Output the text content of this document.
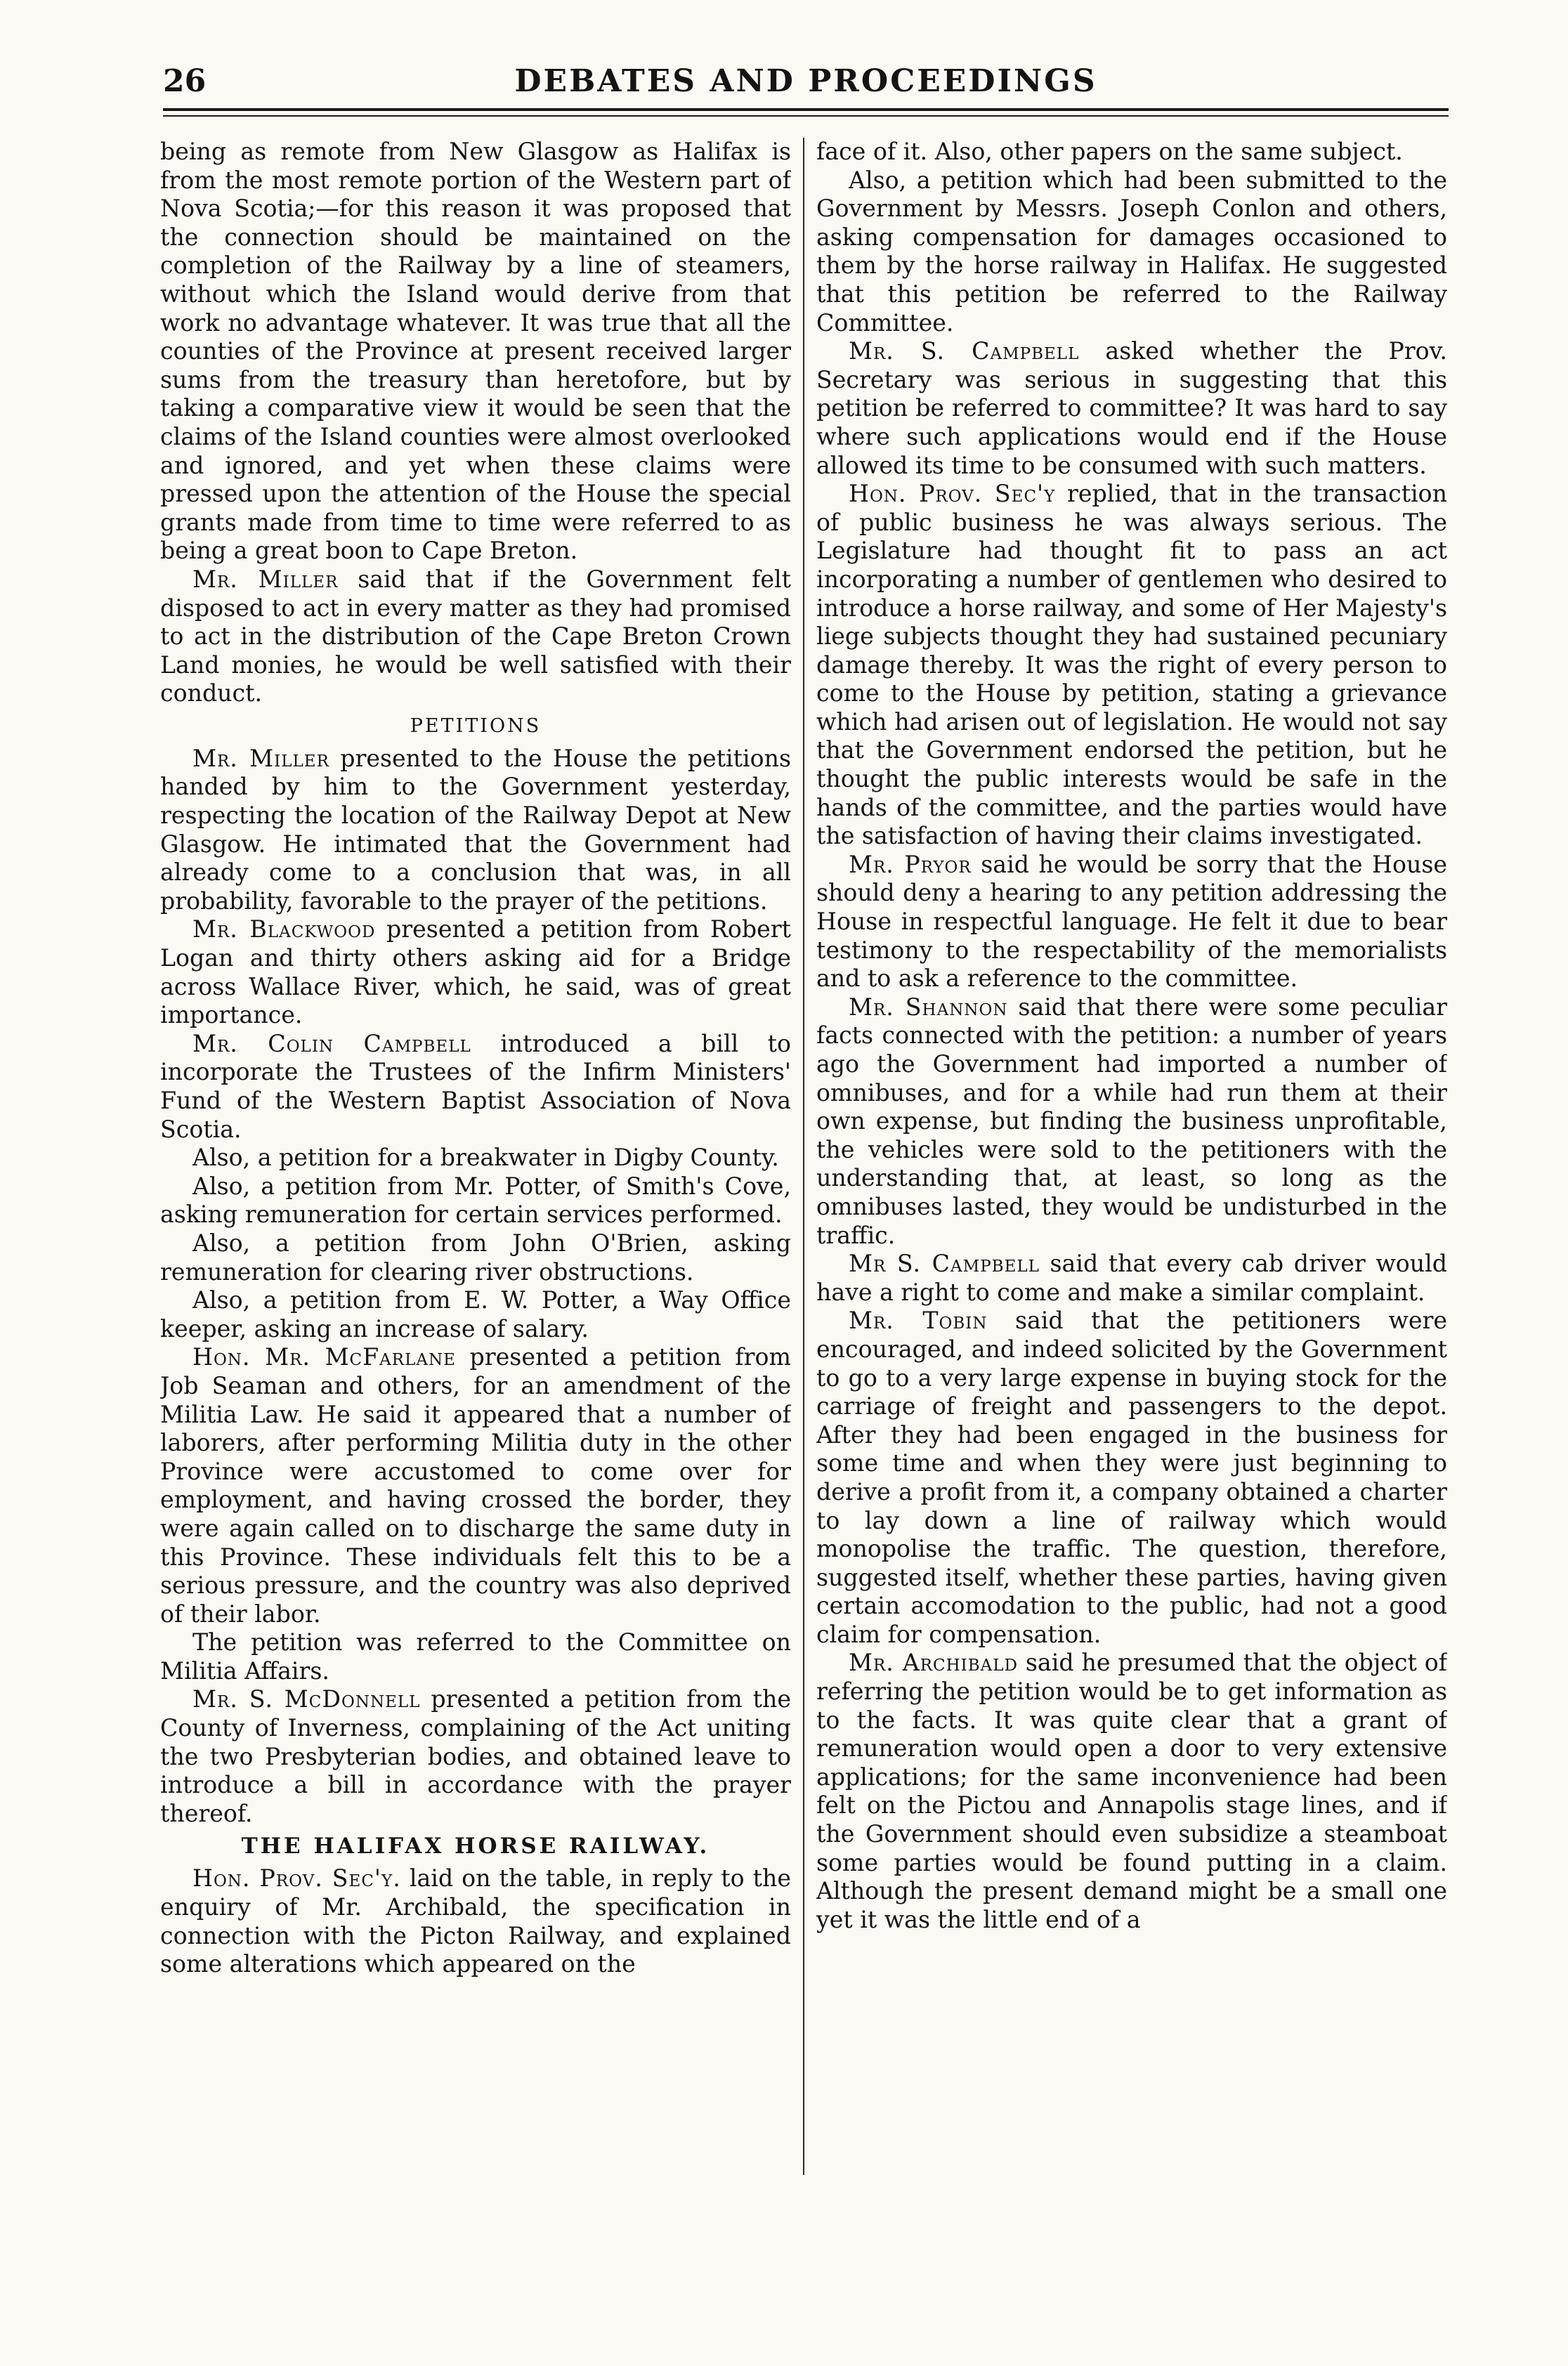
26	DEBATES AND PROCEEDINGS

being as remote from New Glasgow as Halifax is from the most remote portion of the Western part of Nova Scotia;—for this reason it was proposed that the connection should be maintained on the completion of the Railway by a line of steamers, without which the Island would derive from that work no advantage whatever. It was true that all the counties of the Province at present received larger sums from the treasury than heretofore, but by taking a comparative view it would be seen that the claims of the Island counties were almost overlooked and ignored, and yet when these claims were pressed upon the attention of the House the special grants made from time to time were referred to as being a great boon to Cape Breton.

Mr. Miller said that if the Government felt disposed to act in every matter as they had promised to act in the distribution of the Cape Breton Crown Land monies, he would be well satisfied with their conduct.

PETITIONS

Mr. Miller presented to the House the petitions handed by him to the Government yesterday, respecting the location of the Railway Depot at New Glasgow. He intimated that the Government had already come to a conclusion that was, in all probability, favorable to the prayer of the petitions.

Mr. Blackwood presented a petition from Robert Logan and thirty others asking aid for a Bridge across Wallace River, which, he said, was of great importance.

Mr. Colin Campbell introduced a bill to incorporate the Trustees of the Infirm Ministers' Fund of the Western Baptist Association of Nova Scotia.

Also, a petition for a breakwater in Digby County.

Also, a petition from Mr. Potter, of Smith's Cove, asking remuneration for certain services performed.

Also, a petition from John O'Brien, asking remuneration for clearing river obstructions.

Also, a petition from E. W. Potter, a Way Office keeper, asking an increase of salary.

Hon. Mr. McFarlane presented a petition from Job Seaman and others, for an amendment of the Militia Law. He said it appeared that a number of laborers, after performing Militia duty in the other Province were accustomed to come over for employment, and having crossed the border, they were again called on to discharge the same duty in this Province. These individuals felt this to be a serious pressure, and the country was also deprived of their labor.

The petition was referred to the Committee on Militia Affairs.

Mr. S. McDonnell presented a petition from the County of Inverness, complaining of the Act uniting the two Presbyterian bodies, and obtained leave to introduce a bill in accordance with the prayer thereof.

THE HALIFAX HORSE RAILWAY.

Hon. Prov. Sec'y. laid on the table, in reply to the enquiry of Mr. Archibald, the specification in connection with the Picton Railway, and explained some alterations which appeared on the

face of it. Also, other papers on the same subject.

Also, a petition which had been submitted to the Government by Messrs. Joseph Conlon and others, asking compensation for damages occasioned to them by the horse railway in Halifax. He suggested that this petition be referred to the Railway Committee.

Mr. S. Campbell asked whether the Prov. Secretary was serious in suggesting that this petition be referred to committee? It was hard to say where such applications would end if the House allowed its time to be consumed with such matters.

Hon. Prov. Sec'y replied, that in the transaction of public business he was always serious. The Legislature had thought fit to pass an act incorporating a number of gentlemen who desired to introduce a horse railway, and some of Her Majesty's liege subjects thought they had sustained pecuniary damage thereby. It was the right of every person to come to the House by petition, stating a grievance which had arisen out of legislation. He would not say that the Government endorsed the petition, but he thought the public interests would be safe in the hands of the committee, and the parties would have the satisfaction of having their claims investigated.

Mr. Pryor said he would be sorry that the House should deny a hearing to any petition addressing the House in respectful language. He felt it due to bear testimony to the respectability of the memorialists and to ask a reference to the committee.

Mr. Shannon said that there were some peculiar facts connected with the petition: a number of years ago the Government had imported a number of omnibuses, and for a while had run them at their own expense, but finding the business unprofitable, the vehicles were sold to the petitioners with the understanding that, at least, so long as the omnibuses lasted, they would be undisturbed in the traffic.

Mr S. Campbell said that every cab driver would have a right to come and make a similar complaint.

Mr. Tobin said that the petitioners were encouraged, and indeed solicited by the Government to go to a very large expense in buying stock for the carriage of freight and passengers to the depot. After they had been engaged in the business for some time and when they were just beginning to derive a profit from it, a company obtained a charter to lay down a line of railway which would monopolise the traffic. The question, therefore, suggested itself, whether these parties, having given certain accomodation to the public, had not a good claim for compensation.

Mr. Archibald said he presumed that the object of referring the petition would be to get information as to the facts. It was quite clear that a grant of remuneration would open a door to very extensive applications; for the same inconvenience had been felt on the Pictou and Annapolis stage lines, and if the Government should even subsidize a steamboat some parties would be found putting in a claim. Although the present demand might be a small one yet it was the little end of a
